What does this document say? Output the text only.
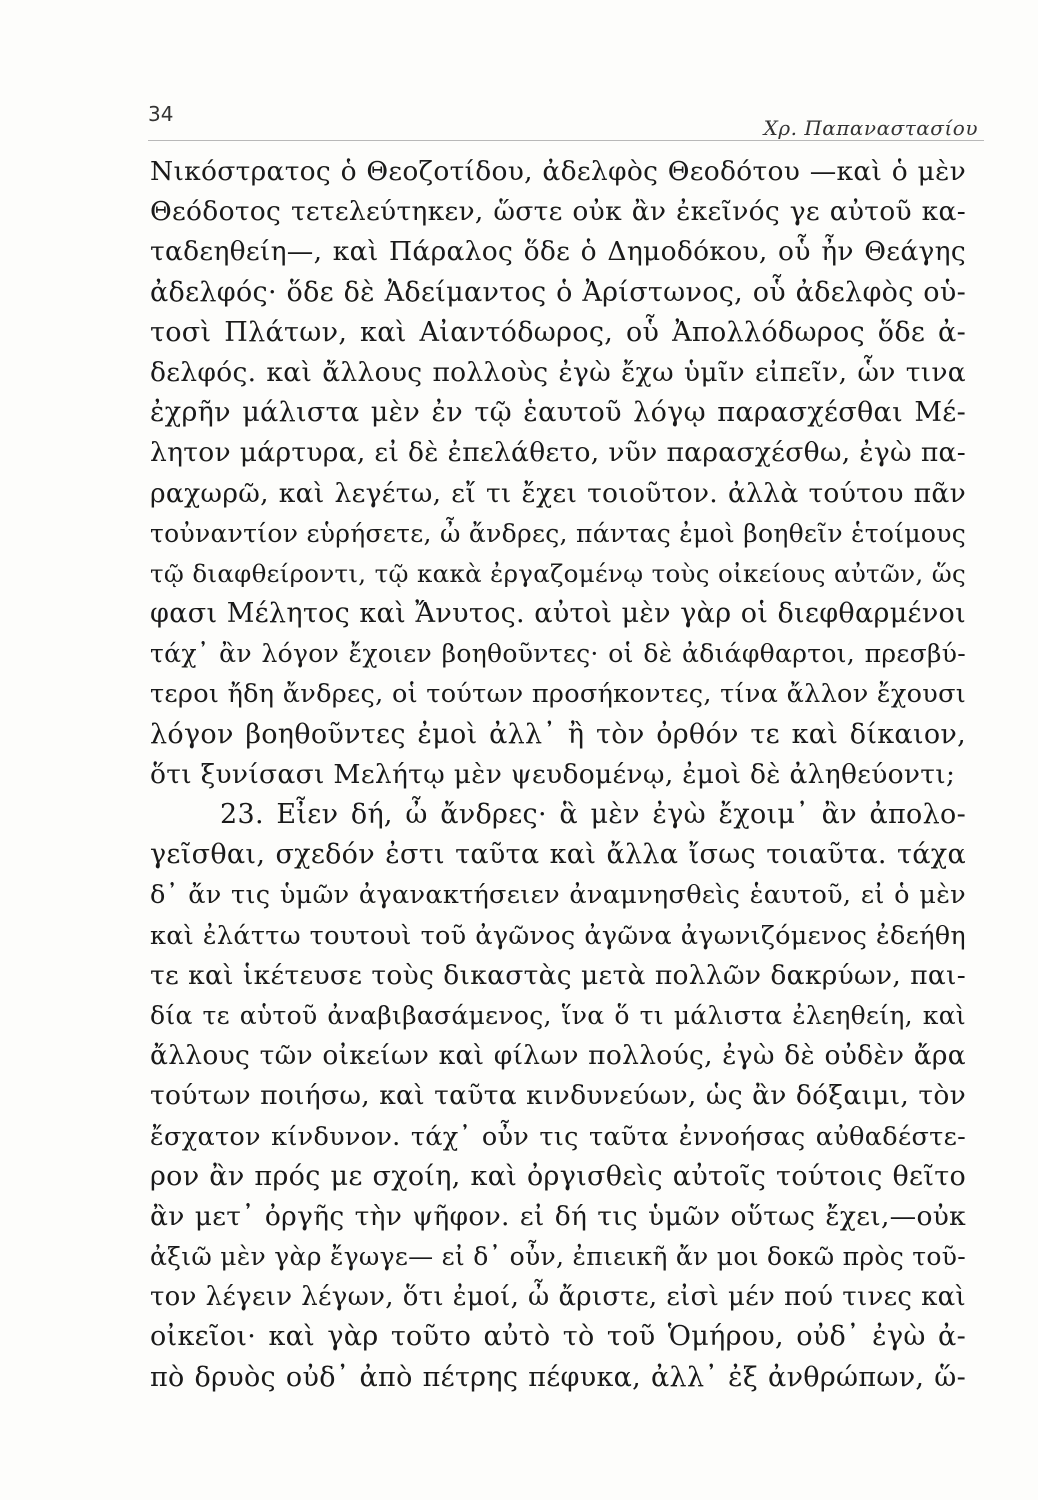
34
Χρ. Παπαναστασίου
Νικόστρατος ὁ Θεοζοτίδου, ἀδελφὸς Θεοδότου —καὶ ὁ μὲν
Θεόδοτος τετελεύτηκεν, ὥστε οὐκ ἂν ἐκεῖνός γε αὐτοῦ κα-
ταδεηθείη—, καὶ Πάραλος ὅδε ὁ Δημοδόκου, οὗ ἦν Θεάγης
ἀδελφός· ὅδε δὲ Ἀδείμαντος ὁ Ἀρίστωνος, οὗ ἀδελφὸς οὑ-
τοσὶ Πλάτων, καὶ Αἰαντόδωρος, οὗ Ἀπολλόδωρος ὅδε ἀ-
δελφός. καὶ ἄλλους πολλοὺς ἐγὼ ἔχω ὑμῖν εἰπεῖν, ὧν τινα
ἐχρῆν μάλιστα μὲν ἐν τῷ ἑαυτοῦ λόγῳ παρασχέσθαι Μέ-
λητον μάρτυρα, εἰ δὲ ἐπελάθετο, νῦν παρασχέσθω, ἐγὼ πα-
ραχωρῶ, καὶ λεγέτω, εἴ τι ἔχει τοιοῦτον. ἀλλὰ τούτου πᾶν
τοὐναντίον εὑρήσετε, ὦ ἄνδρες, πάντας ἐμοὶ βοηθεῖν ἑτοίμους
τῷ διαφθείροντι, τῷ κακὰ ἐργαζομένῳ τοὺς οἰκείους αὐτῶν, ὥς
φασι Μέλητος καὶ Ἄνυτος. αὐτοὶ μὲν γὰρ οἱ διεφθαρμένοι
τάχ᾽ ἂν λόγον ἔχοιεν βοηθοῦντες· οἱ δὲ ἀδιάφθαρτοι, πρεσβύ-
τεροι ἤδη ἄνδρες, οἱ τούτων προσήκοντες, τίνα ἄλλον ἔχουσι
λόγον βοηθοῦντες ἐμοὶ ἀλλ᾽ ἢ τὸν ὀρθόν τε καὶ δίκαιον,
ὅτι ξυνίσασι Μελήτῳ μὲν ψευδομένῳ, ἐμοὶ δὲ ἀληθεύοντι;
23. Εἶεν δή, ὦ ἄνδρες· ἃ μὲν ἐγὼ ἔχοιμ᾽ ἂν ἀπολο-
γεῖσθαι, σχεδόν ἐστι ταῦτα καὶ ἄλλα ἴσως τοιαῦτα. τάχα
δ᾽ ἄν τις ὑμῶν ἀγανακτήσειεν ἀναμνησθεὶς ἑαυτοῦ, εἰ ὁ μὲν
καὶ ἐλάττω τουτουὶ τοῦ ἀγῶνος ἀγῶνα ἀγωνιζόμενος ἐδεήθη
τε καὶ ἱκέτευσε τοὺς δικαστὰς μετὰ πολλῶν δακρύων, παι-
δία τε αὑτοῦ ἀναβιβασάμενος, ἵνα ὅ τι μάλιστα ἐλεηθείη, καὶ
ἄλλους τῶν οἰκείων καὶ φίλων πολλούς, ἐγὼ δὲ οὐδὲν ἄρα
τούτων ποιήσω, καὶ ταῦτα κινδυνεύων, ὡς ἂν δόξαιμι, τὸν
ἔσχατον κίνδυνον. τάχ᾽ οὖν τις ταῦτα ἐννοήσας αὐθαδέστε-
ρον ἂν πρός με σχοίη, καὶ ὀργισθεὶς αὐτοῖς τούτοις θεῖτο
ἂν μετ᾽ ὀργῆς τὴν ψῆφον. εἰ δή τις ὑμῶν οὕτως ἔχει,—οὐκ
ἀξιῶ μὲν γὰρ ἔγωγε— εἰ δ᾽ οὖν, ἐπιεικῆ ἄν μοι δοκῶ πρὸς τοῦ-
τον λέγειν λέγων, ὅτι ἐμοί, ὦ ἄριστε, εἰσὶ μέν πού τινες καὶ
οἰκεῖοι· καὶ γὰρ τοῦτο αὐτὸ τὸ τοῦ Ὁμήρου, οὐδ᾽ ἐγὼ ἀ-
πὸ δρυὸς οὐδ᾽ ἀπὸ πέτρης πέφυκα, ἀλλ᾽ ἐξ ἀνθρώπων, ὥ-
